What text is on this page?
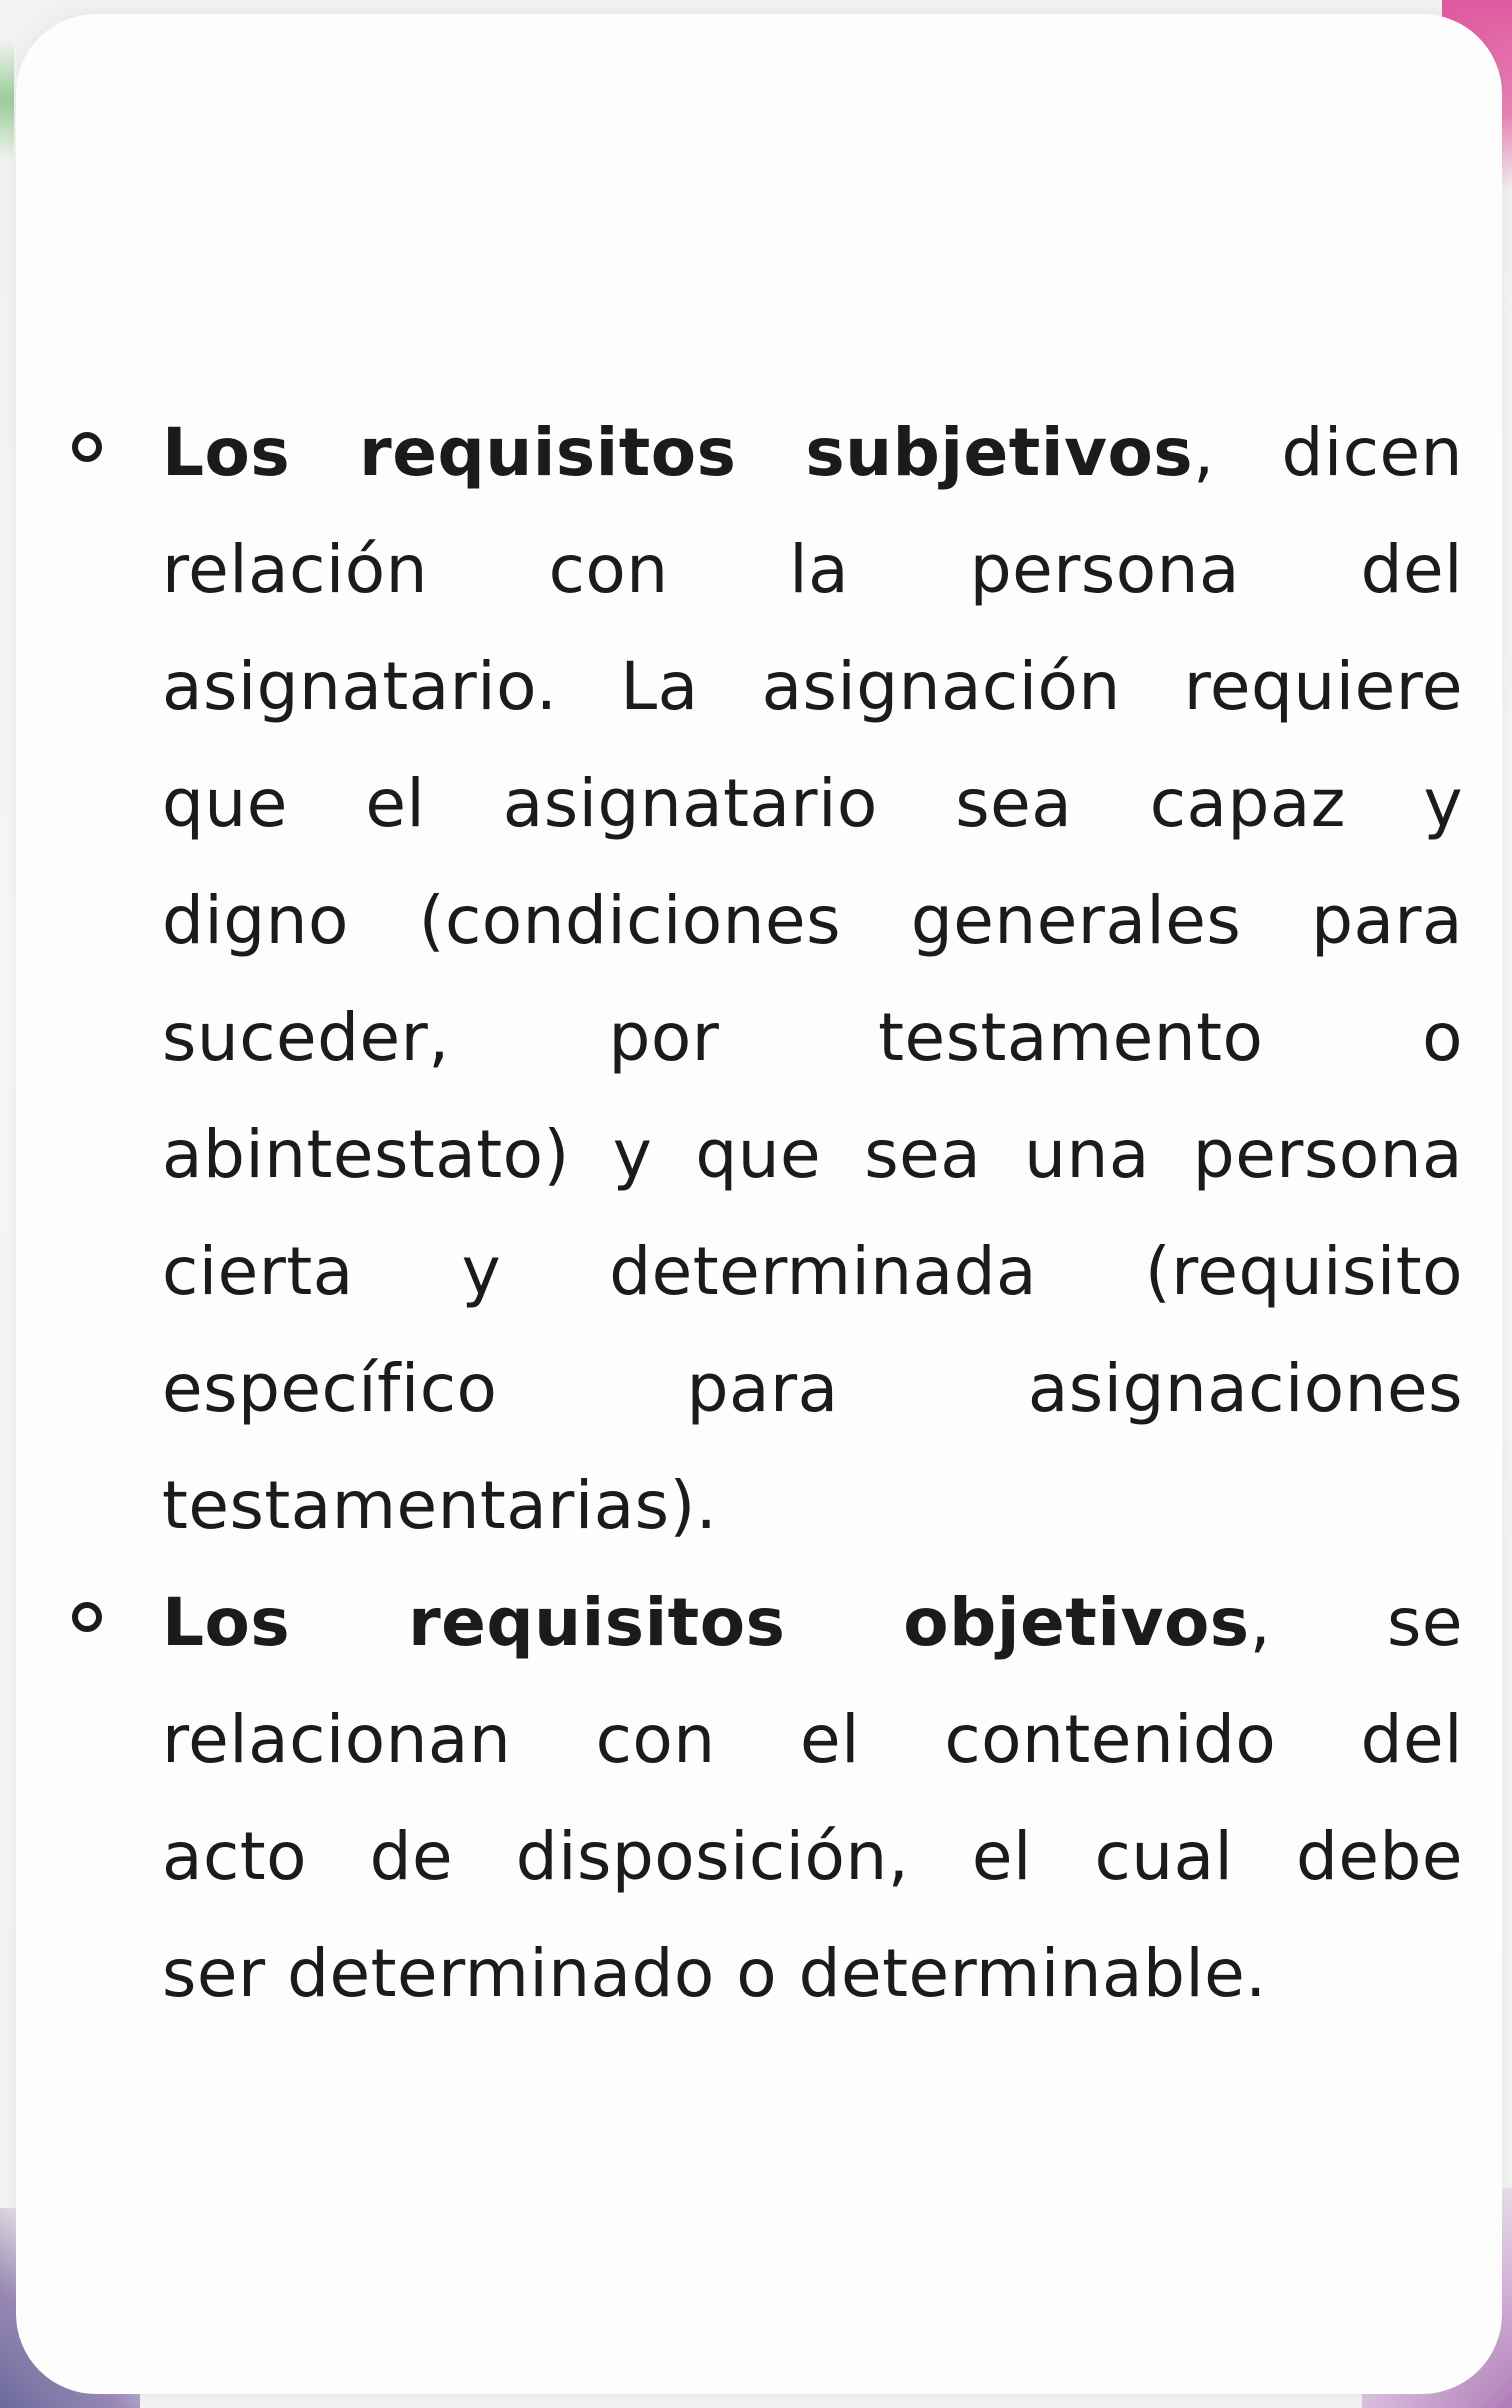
Los requisitos subjetivos, dicen
relación con la persona del
asignatario. La asignación requiere
que el asignatario sea capaz y
digno (condiciones generales para
suceder, por testamento o
abintestato) y que sea una persona
cierta y determinada (requisito
específico para asignaciones
testamentarias).
Los requisitos objetivos, se
relacionan con el contenido del
acto de disposición, el cual debe
ser determinado o determinable.
